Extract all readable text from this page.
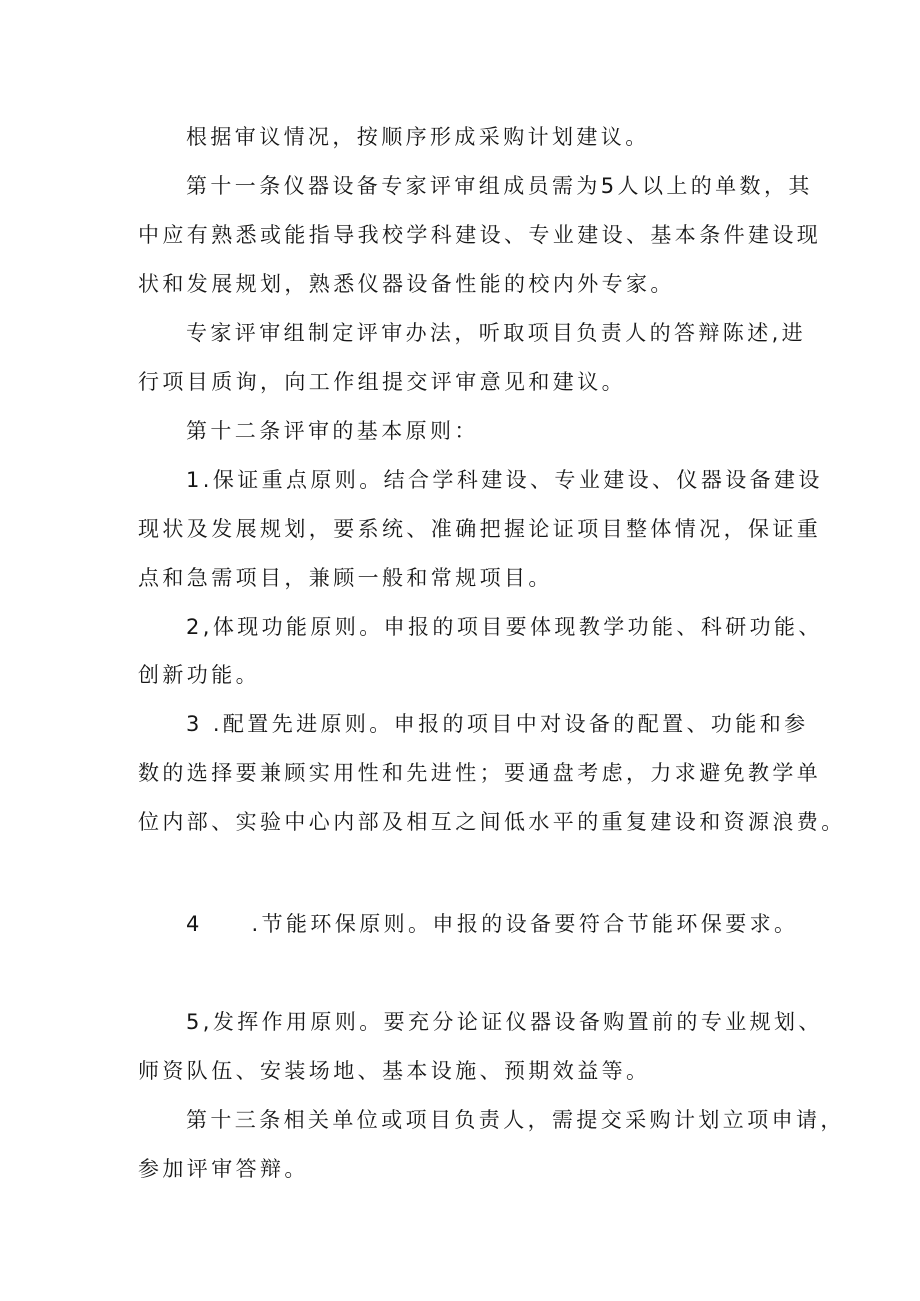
根据审议情况，按顺序形成采购计划建议。
第十一条仪器设备专家评审组成员需为5人以上的单数，其
中应有熟悉或能指导我校学科建设、专业建设、基本条件建设现
状和发展规划，熟悉仪器设备性能的校内外专家。
专家评审组制定评审办法，听取项目负责人的答辩陈述,进
行项目质询，向工作组提交评审意见和建议。
第十二条评审的基本原则：
1.保证重点原则。结合学科建设、专业建设、仪器设备建设
现状及发展规划，要系统、准确把握论证项目整体情况，保证重
点和急需项目，兼顾一般和常规项目。
2,体现功能原则。申报的项目要体现教学功能、科研功能、
创新功能。
3 .配置先进原则。申报的项目中对设备的配置、功能和参
数的选择要兼顾实用性和先进性；要通盘考虑，力求避免教学单
位内部、实验中心内部及相互之间低水平的重复建设和资源浪费。
4　　.节能环保原则。申报的设备要符合节能环保要求。
5,发挥作用原则。要充分论证仪器设备购置前的专业规划、
师资队伍、安装场地、基本设施、预期效益等。
第十三条相关单位或项目负责人，需提交采购计划立项申请，
参加评审答辩。
